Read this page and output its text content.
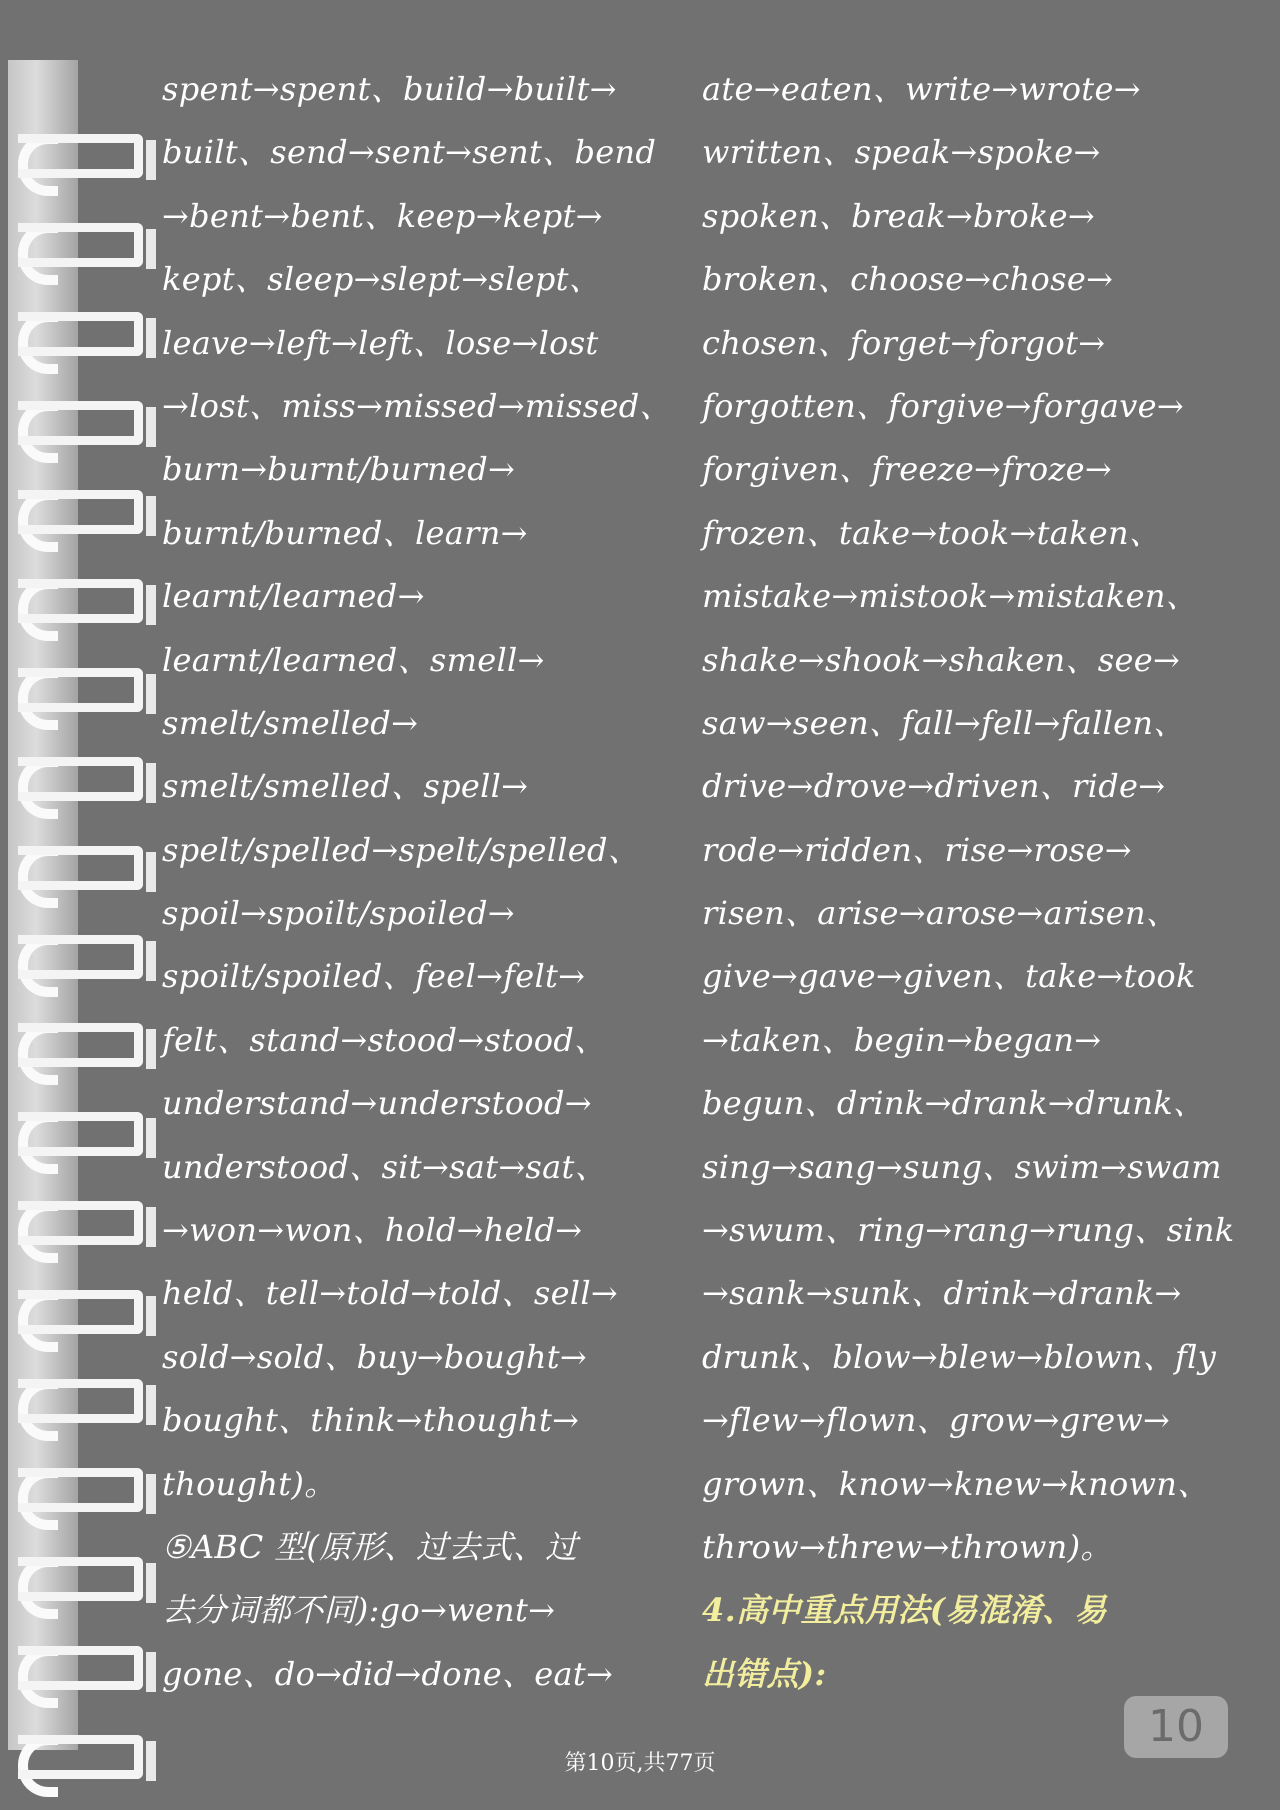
spent→spent、build→built→
built、send→sent→sent、bend
→bent→bent、keep→kept→
kept、sleep→slept→slept、
leave→left→left、lose→lost
→lost、miss→missed→missed、
burn→burnt/burned→
burnt/burned、learn→
learnt/learned→
learnt/learned、smell→
smelt/smelled→
smelt/smelled、spell→
spelt/spelled→spelt/spelled、
spoil→spoilt/spoiled→
spoilt/spoiled、feel→felt→
felt、stand→stood→stood、
understand→understood→
understood、sit→sat→sat、
→won→won、hold→held→
held、tell→told→told、sell→
sold→sold、buy→bought→
bought、think→thought→
thought)。
⑤ABC 型(原形、过去式、过
去分词都不同):go→went→
gone、do→did→done、eat→
ate→eaten、write→wrote→
written、speak→spoke→
spoken、break→broke→
broken、choose→chose→
chosen、forget→forgot→
forgotten、forgive→forgave→
forgiven、freeze→froze→
frozen、take→took→taken、
mistake→mistook→mistaken、
shake→shook→shaken、see→
saw→seen、fall→fell→fallen、
drive→drove→driven、ride→
rode→ridden、rise→rose→
risen、arise→arose→arisen、
give→gave→given、take→took
→taken、begin→began→
begun、drink→drank→drunk、
sing→sang→sung、swim→swam
→swum、ring→rang→rung、sink
→sank→sunk、drink→drank→
drunk、blow→blew→blown、fly
→flew→flown、grow→grew→
grown、know→knew→known、
throw→threw→thrown)。
4.高中重点用法(易混淆、易
出错点):
10
第10页,共77页
